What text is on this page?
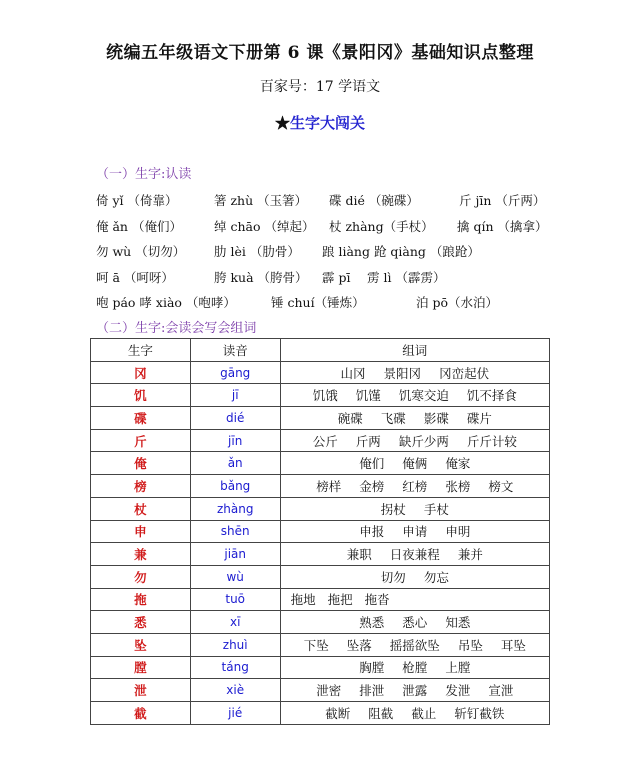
统编五年级语文下册第 6 课《景阳冈》基础知识点整理
百家号：17 学语文
★生字大闯关
（一）生字:认读
倚 yǐ （倚靠）	箸 zhù （玉箸） 碟 dié （碗碟）	斤 jīn （斤两）
俺 ǎn （俺们）	绰 chāo （绰起） 杖 zhàng（手杖） 擒 qín （擒拿）
勿 wù （切勿） 肋 lèi （肋骨） 踉 liàng 跄 qiàng （踉跄）
呵 ā （呵呀）	胯 kuà （胯骨） 霹 pī 雳 lì （霹雳）
咆 páo 哮 xiào （咆哮）	锤 chuí（锤炼）	泊 pō（水泊）
（二）生字:会读会写会组词
生字	读音	组词
冈	gāng	山冈 景阳冈 冈峦起伏
饥	jī	饥饿 饥馑 饥寒交迫 饥不择食
碟	dié	碗碟 飞碟 影碟 碟片
斤	jīn	公斤 斤两 缺斤少两 斤斤计较
俺	ǎn	俺们 俺俩 俺家
榜	bǎng	榜样 金榜 红榜 张榜 榜文
杖	zhàng	拐杖 手杖
申	shēn	申报 申请 申明
兼	jiān	兼职 日夜兼程 兼并
勿	wù	切勿 勿忘
拖	tuō	拖地 拖把 拖沓
悉	xī	熟悉 悉心 知悉
坠	zhuì	下坠 坠落 摇摇欲坠 吊坠 耳坠
膛	táng	胸膛 枪膛 上膛
泄	xiè	泄密 排泄 泄露 发泄 宣泄
截	jié	截断 阻截 截止 斩钉截铁
